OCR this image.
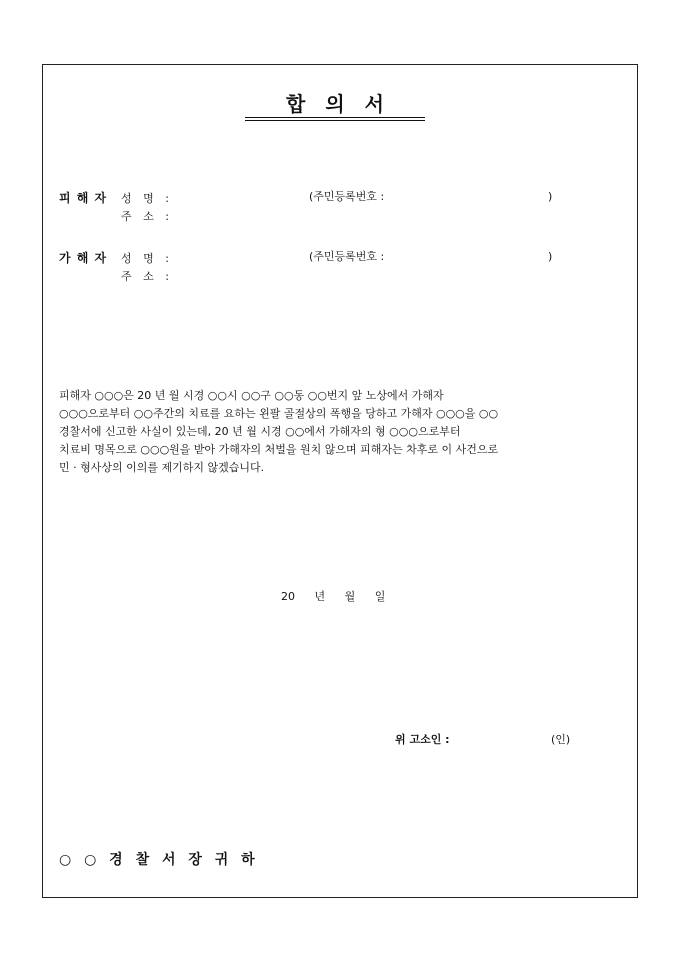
합　의　서
피 해 자 성 명 :	(주민등록번호 :	)
주 소 :
가 해 자 성 명 :	(주민등록번호 :	)
주 소 :

피해자 ○○○은 20 년 월 시경 ○○시 ○○구 ○○동 ○○번지 앞 노상에서 가해자

○○○으로부터 ○○주간의 치료를 요하는 왼팔 골절상의 폭행을 당하고 가해자 ○○○을 ○○

경찰서에 신고한 사실이 있는데, 20 년 월 시경 ○○에서 가해자의 형 ○○○으로부터

치료비 명목으로 ○○○원을 받아 가해자의 처벌을 원치 않으며 피해자는 차후로 이 사건으로

민 · 형사상의 이의를 제기하지 않겠습니다.

20 년 월 일
위 고소인 :	(인)
○ ○ 경 찰 서 장 귀 하
